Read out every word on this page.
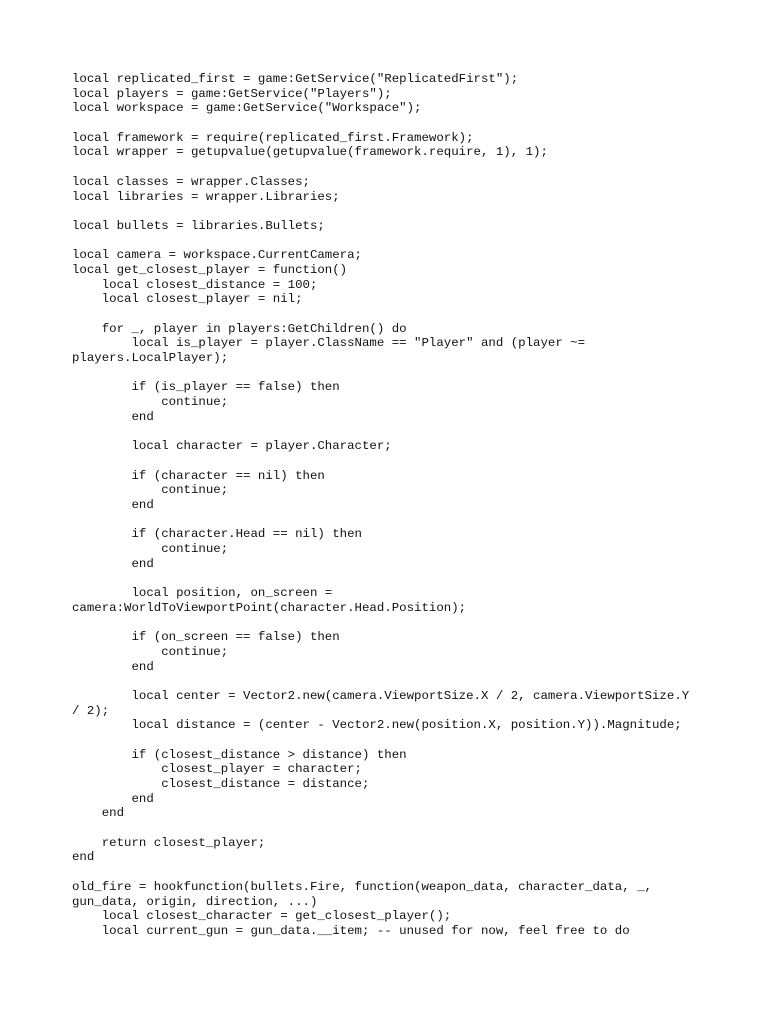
local replicated_first = game:GetService("ReplicatedFirst");
local players = game:GetService("Players");
local workspace = game:GetService("Workspace");
local framework = require(replicated_first.Framework);
local wrapper = getupvalue(getupvalue(framework.require, 1), 1);
local classes = wrapper.Classes;
local libraries = wrapper.Libraries;
local bullets = libraries.Bullets;
local camera = workspace.CurrentCamera;
local get_closest_player = function()
local closest_distance = 100;
local closest_player = nil;
for _, player in players:GetChildren() do
local is_player = player.ClassName == "Player" and (player ~=
players.LocalPlayer);
if (is_player == false) then
continue;
end
local character = player.Character;
if (character == nil) then
continue;
end
if (character.Head == nil) then
continue;
end
local position, on_screen =
camera:WorldToViewportPoint(character.Head.Position);
if (on_screen == false) then
continue;
end
local center = Vector2.new(camera.ViewportSize.X / 2, camera.ViewportSize.Y
/ 2);
local distance = (center - Vector2.new(position.X, position.Y)).Magnitude;
if (closest_distance > distance) then
closest_player = character;
closest_distance = distance;
end
end
return closest_player;
end
old_fire = hookfunction(bullets.Fire, function(weapon_data, character_data, _,
gun_data, origin, direction, ...)
local closest_character = get_closest_player();
local current_gun = gun_data.__item; -- unused for now, feel free to do
